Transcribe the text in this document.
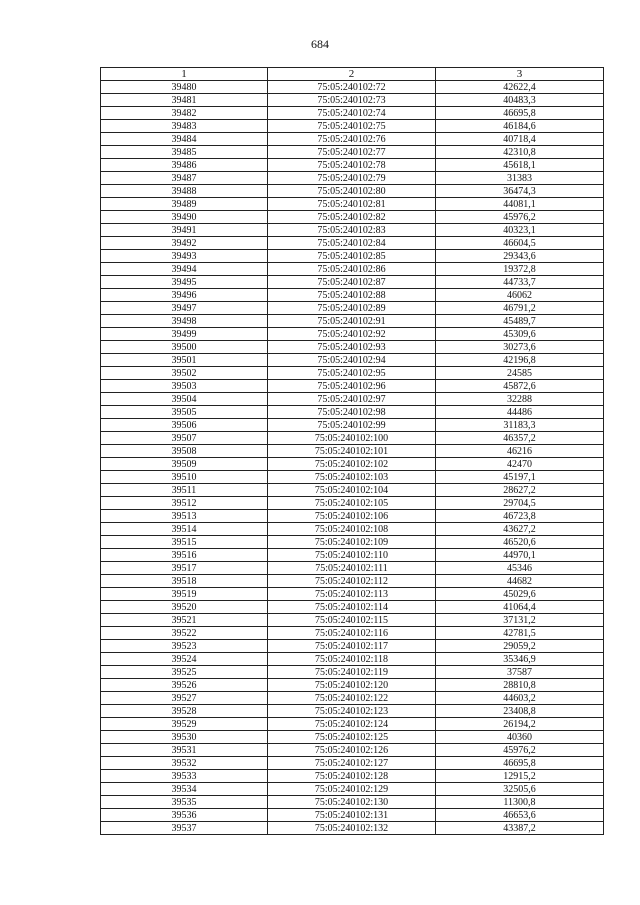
684
1	2	3
39480	75:05:240102:72	42622,4
39481	75:05:240102:73	40483,3
39482	75:05:240102:74	46695,8
39483	75:05:240102:75	46184,6
39484	75:05:240102:76	40718,4
39485	75:05:240102:77	42310,8
39486	75:05:240102:78	45618,1
39487	75:05:240102:79	31383
39488	75:05:240102:80	36474,3
39489	75:05:240102:81	44081,1
39490	75:05:240102:82	45976,2
39491	75:05:240102:83	40323,1
39492	75:05:240102:84	46604,5
39493	75:05:240102:85	29343,6
39494	75:05:240102:86	19372,8
39495	75:05:240102:87	44733,7
39496	75:05:240102:88	46062
39497	75:05:240102:89	46791,2
39498	75:05:240102:91	45489,7
39499	75:05:240102:92	45309,6
39500	75:05:240102:93	30273,6
39501	75:05:240102:94	42196,8
39502	75:05:240102:95	24585
39503	75:05:240102:96	45872,6
39504	75:05:240102:97	32288
39505	75:05:240102:98	44486
39506	75:05:240102:99	31183,3
39507	75:05:240102:100	46357,2
39508	75:05:240102:101	46216
39509	75:05:240102:102	42470
39510	75:05:240102:103	45197,1
39511	75:05:240102:104	28627,2
39512	75:05:240102:105	29704,5
39513	75:05:240102:106	46723,8
39514	75:05:240102:108	43627,2
39515	75:05:240102:109	46520,6
39516	75:05:240102:110	44970,1
39517	75:05:240102:111	45346
39518	75:05:240102:112	44682
39519	75:05:240102:113	45029,6
39520	75:05:240102:114	41064,4
39521	75:05:240102:115	37131,2
39522	75:05:240102:116	42781,5
39523	75:05:240102:117	29059,2
39524	75:05:240102:118	35346,9
39525	75:05:240102:119	37587
39526	75:05:240102:120	28810,8
39527	75:05:240102:122	44603,2
39528	75:05:240102:123	23408,8
39529	75:05:240102:124	26194,2
39530	75:05:240102:125	40360
39531	75:05:240102:126	45976,2
39532	75:05:240102:127	46695,8
39533	75:05:240102:128	12915,2
39534	75:05:240102:129	32505,6
39535	75:05:240102:130	11300,8
39536	75:05:240102:131	46653,6
39537	75:05:240102:132	43387,2
